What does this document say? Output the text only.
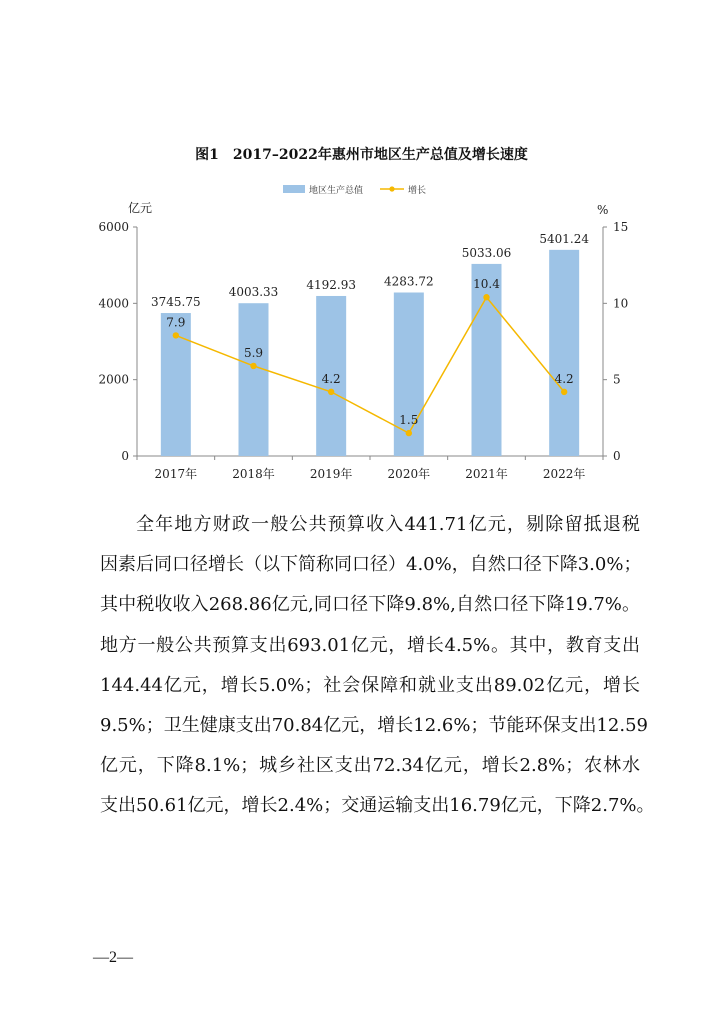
图1 2017–2022年惠州市地区生产总值及增长速度
地区生产总值	增长
亿元	%
0
2000
4000
6000
0
5
10
15
2017年	2018年	2019年	2020年	2021年	2022年
3745.75
4003.33
4192.93 4283.72
5033.06
5401.24
7.9
5.9
4.2
1.5
10.4
4.2
全年地方财政一般公共预算收入441.71亿元，剔除留抵退税
因素后同口径增长（以下简称同口径）4.0%，自然口径下降3.0%；
其中税收收入268.86亿元,同口径下降9.8%,自然口径下降19.7%。
地方一般公共预算支出693.01亿元，增长4.5%。其中，教育支出
144.44亿元，增长5.0%；社会保障和就业支出89.02亿元，增长
9.5%；卫生健康支出70.84亿元，增长12.6%；节能环保支出12.59
亿元，下降8.1%；城乡社区支出72.34亿元，增长2.8%；农林水
支出50.61亿元，增长2.4%；交通运输支出16.79亿元，下降2.7%。
—2—
